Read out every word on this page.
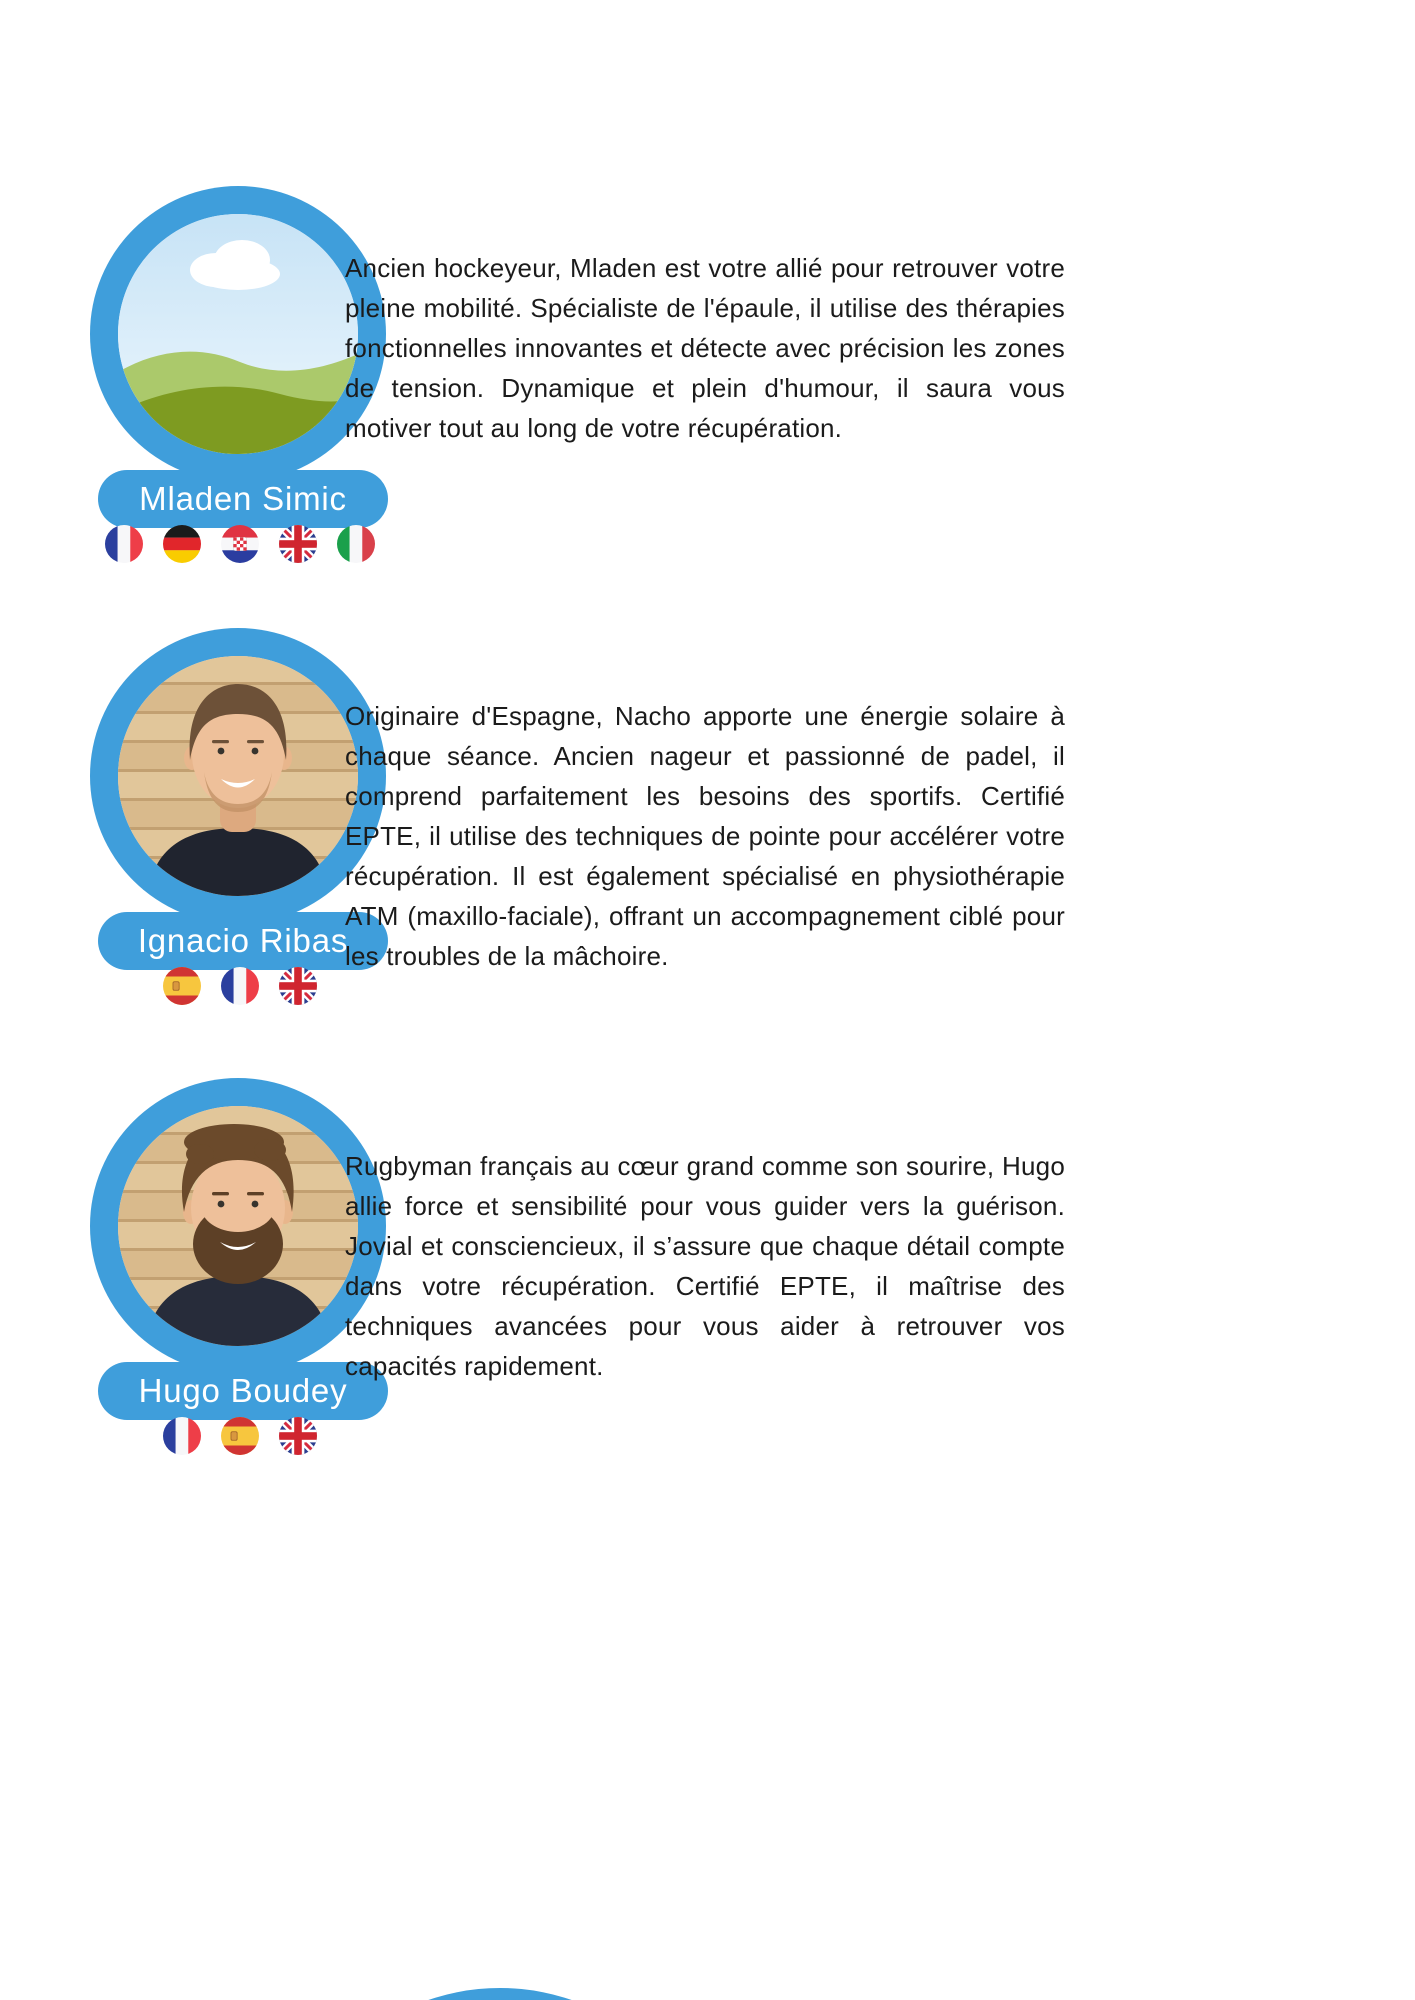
Mladen Simic
Ancien hockeyeur, Mladen est votre allié pour retrouver votre pleine mobilité. Spécialiste de l'épaule, il utilise des thérapies fonctionnelles innovantes et détecte avec précision les zones de tension. Dynamique et plein d'humour, il saura vous motiver tout au long de votre récupération.
Ignacio Ribas
Originaire d'Espagne, Nacho apporte une énergie solaire à chaque séance. Ancien nageur et passionné de padel, il comprend parfaitement les besoins des sportifs. Certifié EPTE, il utilise des techniques de pointe pour accélérer votre récupération. Il est également spécialisé en physiothérapie ATM (maxillo-faciale), offrant un accompagnement ciblé pour les troubles de la mâchoire.
Hugo Boudey
Rugbyman français au cœur grand comme son sourire, Hugo allie force et sensibilité pour vous guider vers la guérison. Jovial et consciencieux, il s’assure que chaque détail compte dans votre récupération. Certifié EPTE, il maîtrise des techniques avancées pour vous aider à retrouver vos capacités rapidement.
